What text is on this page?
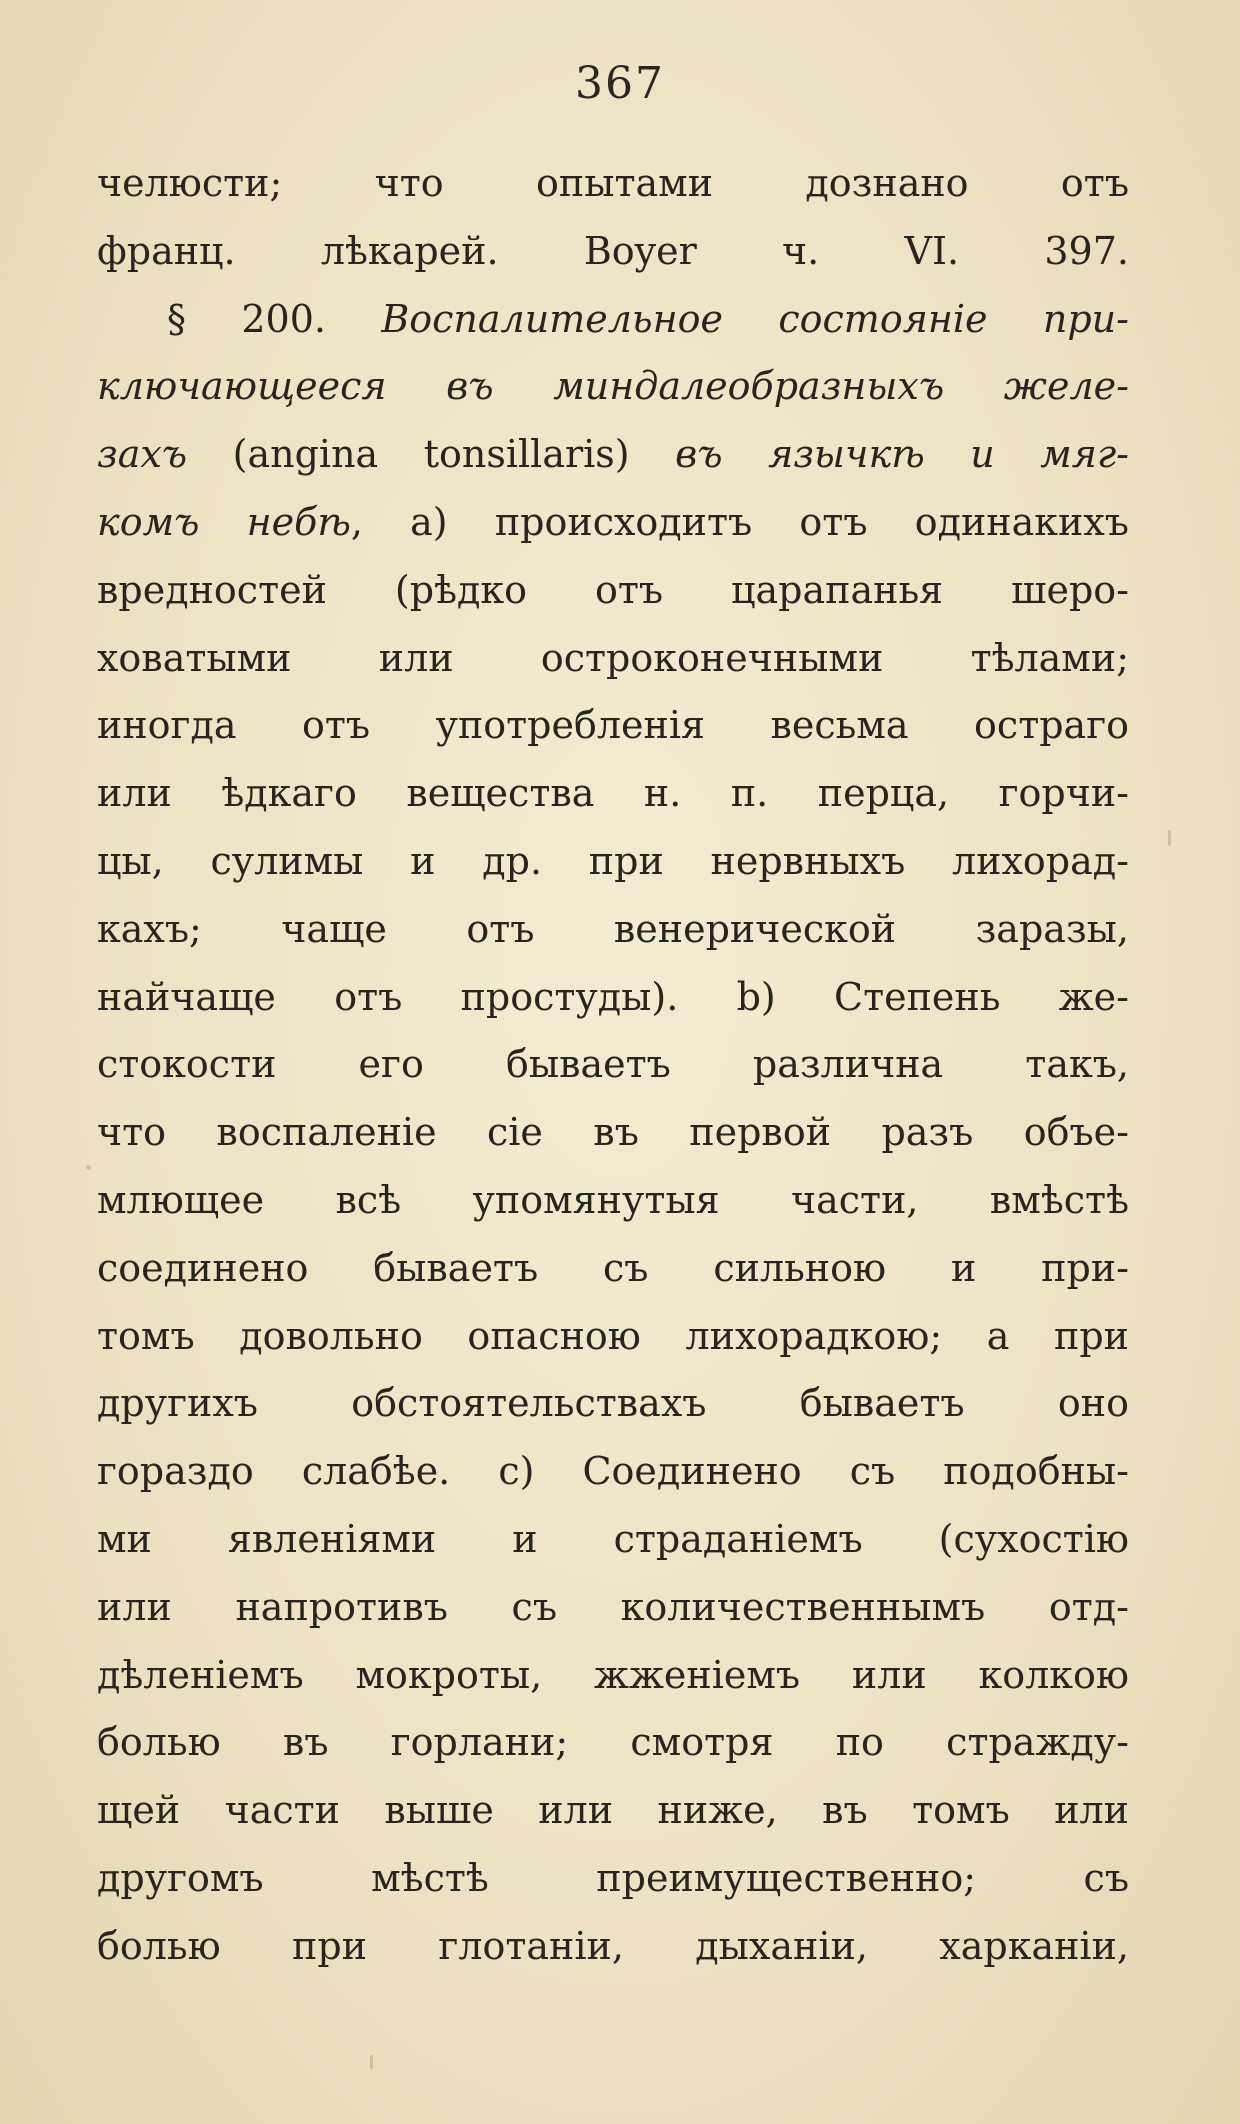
367
челюсти; что опытами дознано отъ
франц. лѣкарей. Boyer ч. VI. 397.
§ 200. Воспалительное состоянiе при-
ключающееся въ миндалеобразныхъ желе-
захъ (angina tonsillaris) въ язычкѣ и мяг-
комъ небѣ, а) происходитъ отъ одинакихъ
вредностей (рѣдко отъ царапанья шеро-
ховатыми или остроконечными тѣлами;
иногда отъ употребленiя весьма остраго
или ѣдкаго вещества н. п. перца, горчи-
цы, сулимы и др. при нервныхъ лихорад-
кахъ; чаще отъ венерической заразы,
найчаще отъ простуды). b) Степень же-
стокости его бываетъ различна такъ,
что воспаленiе сiе въ первой разъ объе-
млющее всѣ упомянутыя части, вмѣстѣ
соединено бываетъ съ сильною и при-
томъ довольно опасною лихорадкою; а при
другихъ обстоятельствахъ бываетъ оно
гораздо слабѣе. с) Соединено съ подобны-
ми явленiями и страданiемъ (сухостiю
или напротивъ съ количественнымъ отд-
дѣленiемъ мокроты, жженiемъ или колкою
болью въ горлани; смотря по стражду-
щей части выше или ниже, въ томъ или
другомъ мѣстѣ преимущественно; съ
болью при глотанiи, дыханiи, харканiи,
